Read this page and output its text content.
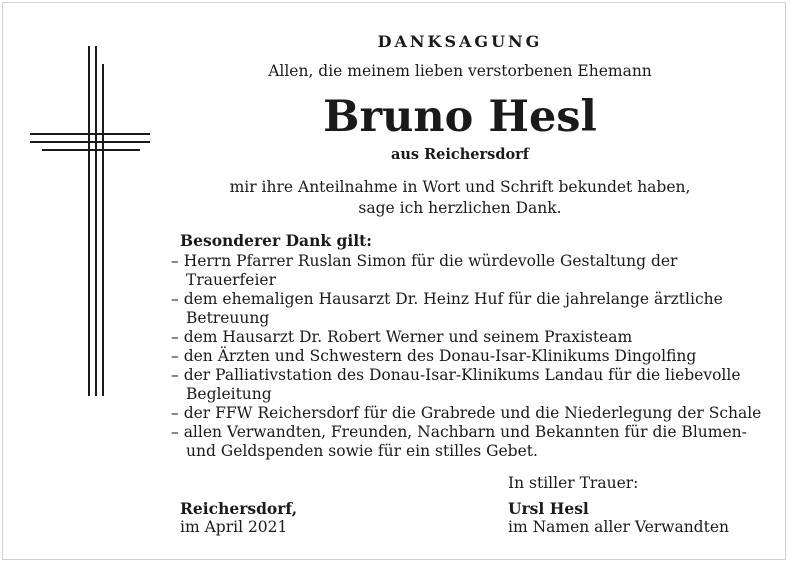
DANKSAGUNG
Allen, die meinem lieben verstorbenen Ehemann
Bruno Hesl
aus Reichersdorf
mir ihre Anteilnahme in Wort und Schrift bekundet haben,
sage ich herzlichen Dank.
Besonderer Dank gilt:
– Herrn Pfarrer Ruslan Simon für die würdevolle Gestaltung der Trauerfeier
– dem ehemaligen Hausarzt Dr. Heinz Huf für die jahrelange ärztliche Betreuung
– dem Hausarzt Dr. Robert Werner und seinem Praxisteam
– den Ärzten und Schwestern des Donau-Isar-Klinikums Dingolfing
– der Palliativstation des Donau-Isar-Klinikums Landau für die liebevolle Begleitung
– der FFW Reichersdorf für die Grabrede und die Niederlegung der Schale
– allen Verwandten, Freunden, Nachbarn und Bekannten für die Blumen- und Geldspenden sowie für ein stilles Gebet.
In stiller Trauer:
Reichersdorf,
im April 2021
Ursl Hesl
im Namen aller Verwandten
